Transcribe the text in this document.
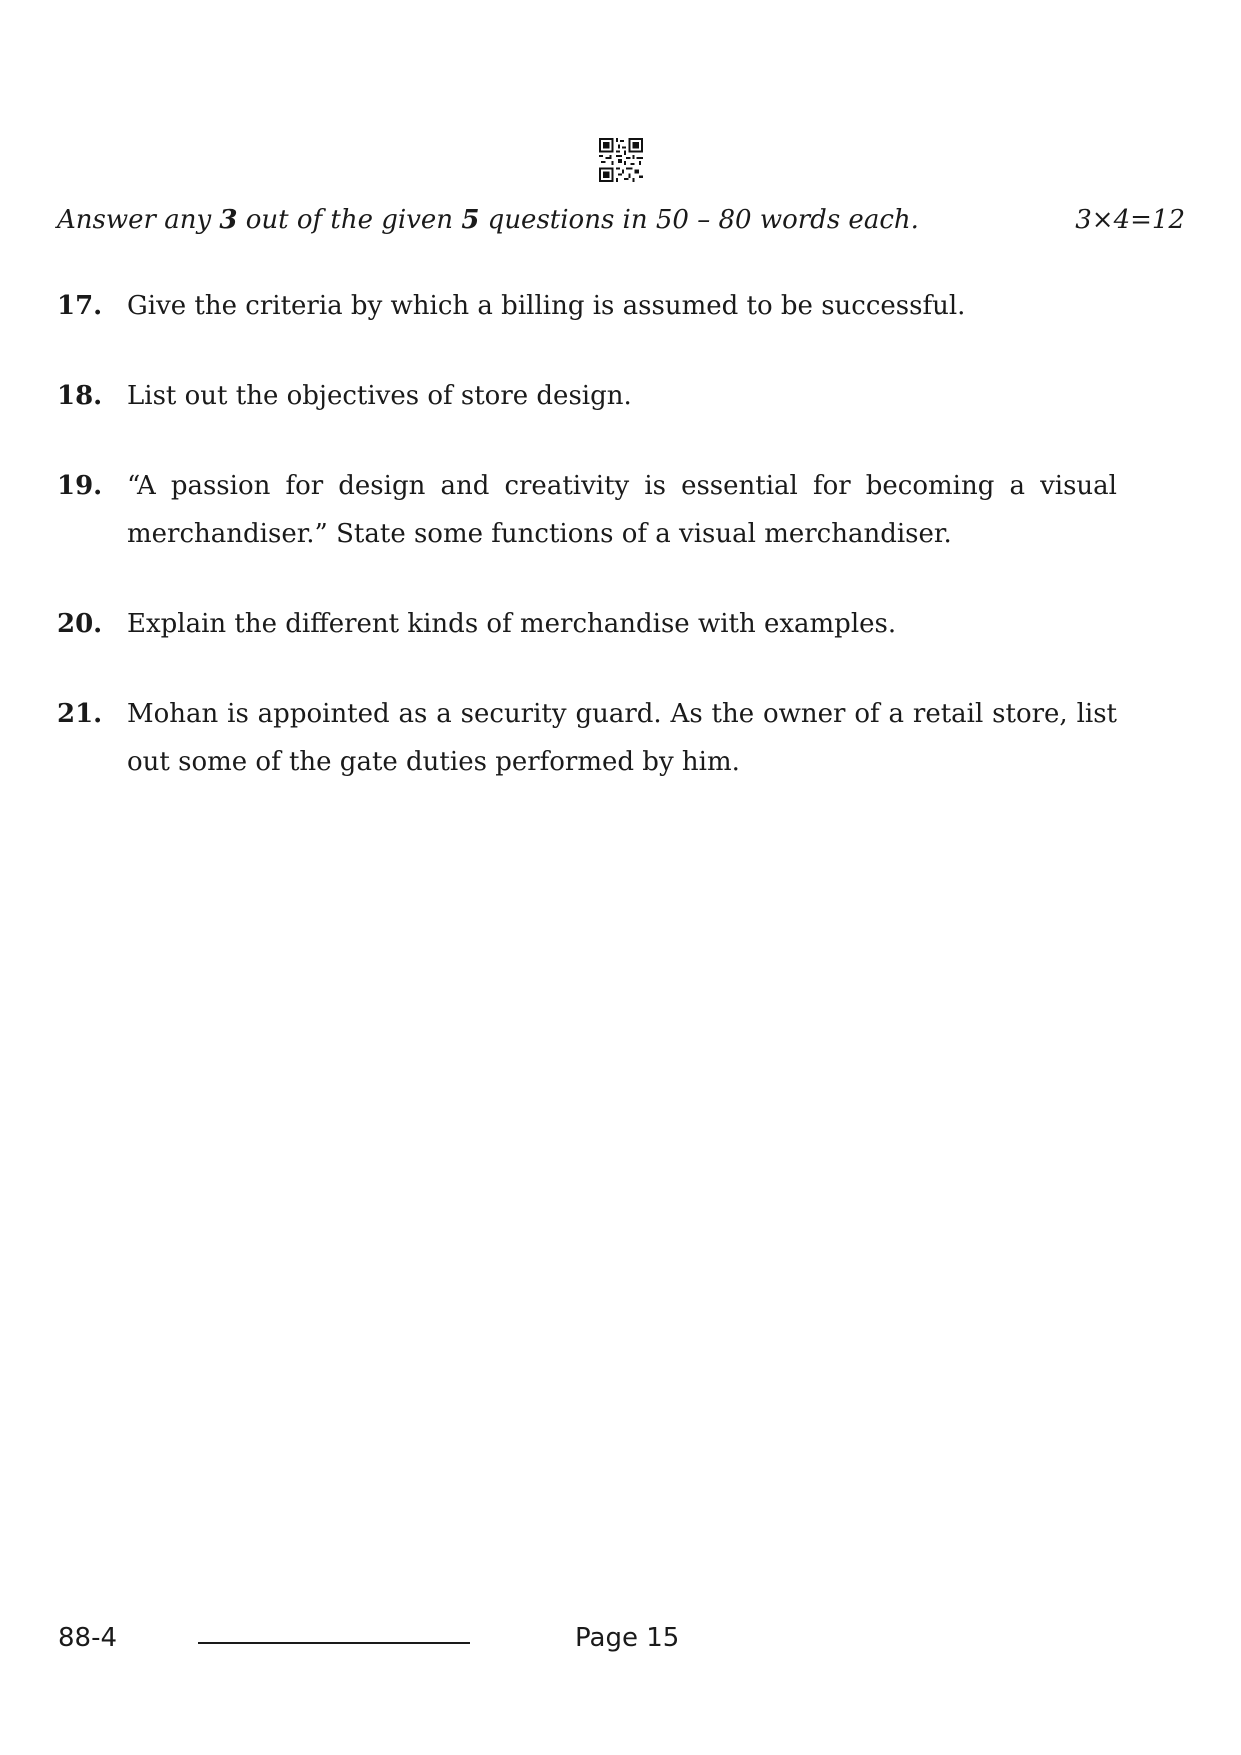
Answer any 3 out of the given 5 questions in 50 – 80 words each.	3×4=12
17. Give the criteria by which a billing is assumed to be successful.
18. List out the objectives of store design.
19. “A passion for design and creativity is essential for becoming a visual merchandiser.” State some functions of a visual merchandiser.
20. Explain the different kinds of merchandise with examples.
21. Mohan is appointed as a security guard. As the owner of a retail store, list out some of the gate duties performed by him.
88-4	Page 15
